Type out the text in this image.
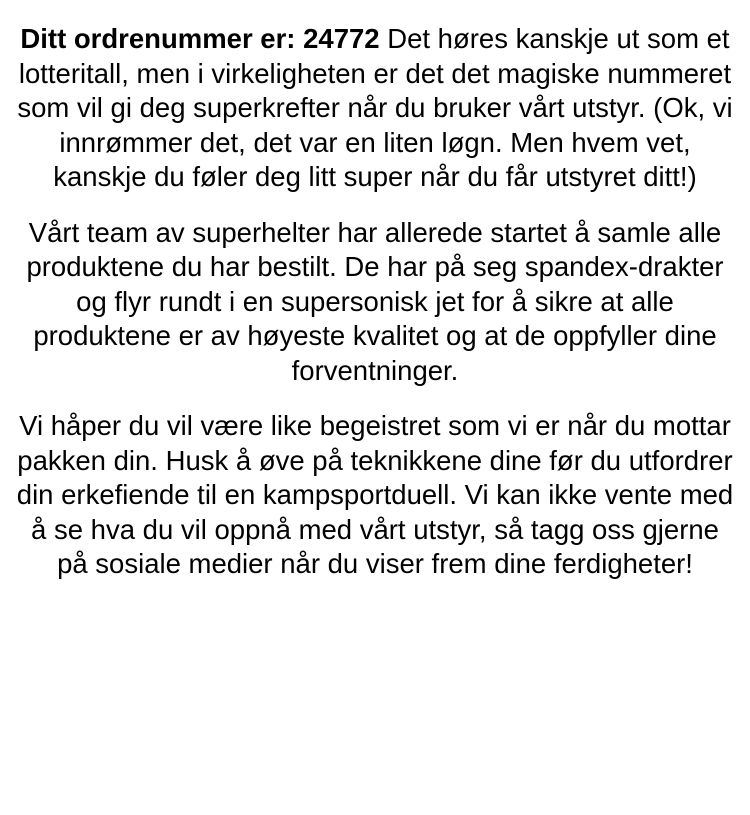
Ditt ordrenummer er: 24772 Det høres kanskje ut som et lotteritall, men i virkeligheten er det det magiske nummeret som vil gi deg superkrefter når du bruker vårt utstyr. (Ok, vi innrømmer det, det var en liten løgn. Men hvem vet, kanskje du føler deg litt super når du får utstyret ditt!)

Vårt team av superhelter har allerede startet å samle alle produktene du har bestilt. De har på seg spandex-drakter og flyr rundt i en supersonisk jet for å sikre at alle produktene er av høyeste kvalitet og at de oppfyller dine forventninger.

Vi håper du vil være like begeistret som vi er når du mottar pakken din. Husk å øve på teknikkene dine før du utfordrer din erkefiende til en kampsportduell. Vi kan ikke vente med å se hva du vil oppnå med vårt utstyr, så tagg oss gjerne på sosiale medier når du viser frem dine ferdigheter!
